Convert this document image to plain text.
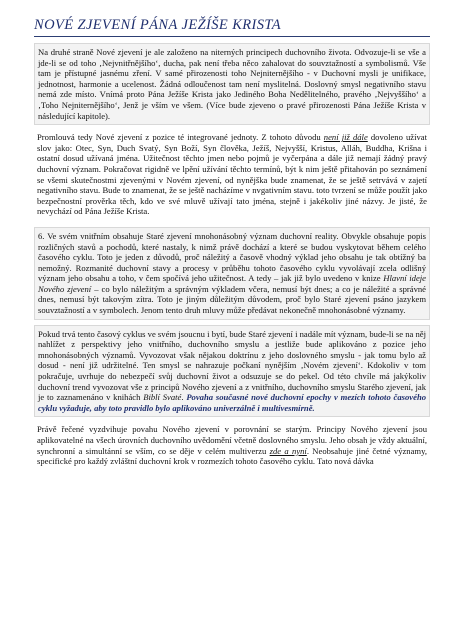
NOVÉ ZJEVENÍ PÁNA JEŽÍŠE KRISTA

Na druhé straně Nové zjevení je ale založeno na niterných principech duchovního života. Odvozuje-li se vše a jde-li se od toho ‚Nejvnitřnějšího‘, ducha, pak není třeba něco zahalovat do souvztažností a symbolismů. Vše tam je přístupné jasnému zření. V samé přirozenosti toho Nejniternějšího - v Duchovní mysli je unifikace, jednotnost, harmonie a ucelenost. Žádná odloučenost tam není myslitelná. Doslovný smysl negativního stavu nemá zde místo. Vnímá proto Pána Ježíše Krista jako Jediného Boha Nedělitelného, pravého ‚Nejvyššího‘ a ‚Toho Nejniternějšího‘, Jenž je vším ve všem. (Více bude zjeveno o pravé přirozenosti Pána Ježíše Krista v následující kapitole).

Promlouvá tedy Nové zjevení z pozice té integrované jednoty. Z tohoto důvodu není již dále dovoleno užívat slov jako: Otec, Syn, Duch Svatý, Syn Boží, Syn člověka, Ježíš, Nejvyšší, Kristus, Alláh, Buddha, Krišna i ostatní dosud užívaná jména. Užitečnost těchto jmen nebo pojmů je vyčerpána a dále již nemají žádný pravý duchovní význam. Pokračovat rigidně ve lpění užívání těchto termínů, být k nim ještě přitahován po seznámení se všemi skutečnostmi zjevenými v Novém zjevení, od nynějška bude znamenat, že se ještě setrvává v zajetí negativního stavu. Bude to znamenat, že se ještě nacházíme v nvgativním stavu. toto tvrzení se může použít jako bezpečnostní prověrka těch, kdo ve své mluvě užívají tato jména, stejně i jakékoliv jiné názvy. Je jisté, že nevychází od Pána Ježíše Krista.

6. Ve svém vnitřním obsahuje Staré zjevení mnohonásobný význam duchovní reality. Obvykle obsahuje popis rozličných stavů a pochodů, které nastaly, k nimž právě dochází a které se budou vyskytovat během celého časového cyklu. Toto je jeden z důvodů, proč náležitý a časově vhodný výklad jeho obsahu je tak obtížný ba nemožný. Rozmanité duchovní stavy a procesy v průběhu tohoto časového cyklu vyvolávají zcela odlišný význam jeho obsahu a toho, v čem spočívá jeho užitečnost. A tedy – jak již bylo uvedeno v knize Hlavní ideje Nového zjevení – co bylo náležitým a správným výkladem včera, nemusí být dnes; a co je náležité a správné dnes, nemusí být takovým zítra. Toto je jiným důležitým důvodem, proč bylo Staré zjevení psáno jazykem souvztažností a v symbolech. Jenom tento druh mluvy může předávat nekonečně mnohonásobné významy.

Pokud trvá tento časový cyklus ve svém jsoucnu i bytí, bude Staré zjevení i nadále mít význam, bude-li se na něj nahlížet z perspektivy jeho vnitřního, duchovního smyslu a jestliže bude aplikováno z pozice jeho mnohonásobných významů. Vyvozovat však nějakou doktrínu z jeho doslovného smyslu - jak tomu bylo až dosud - není již udržitelné. Ten smysl se nahrazuje počkaní nynějším ‚Novém zjevení‘. Kdokoliv v tom pokračuje, uvrhuje do nebezpečí svůj duchovní život a odsuzuje se do pekel. Od této chvíle má jakýkoliv duchovní trend vyvozovat vše z principů Nového zjevení a z vnitřního, duchovního smyslu Starého zjevení, jak je to zaznamenáno v knihách Biblí Svaté. Povaha současné nové duchovní epochy v mezích tohoto časového cyklu vyžaduje, aby toto pravidlo bylo aplikováno univerzálně i multivesmírně.

Právě řečené vyzdvihuje povahu Nového zjevení v porovnání se starým. Principy Nového zjevení jsou aplikovatelné na všech úrovních duchovního uvědomění včetně doslovného smyslu. Jeho obsah je vždy aktuální, synchronní a simultánní se vším, co se děje v celém multiverzu zde a nyní. Neobsahuje jiné četné významy, specifické pro každý zvláštní duchovní krok v rozmezích tohoto časového cyklu. Tato nová dávka
